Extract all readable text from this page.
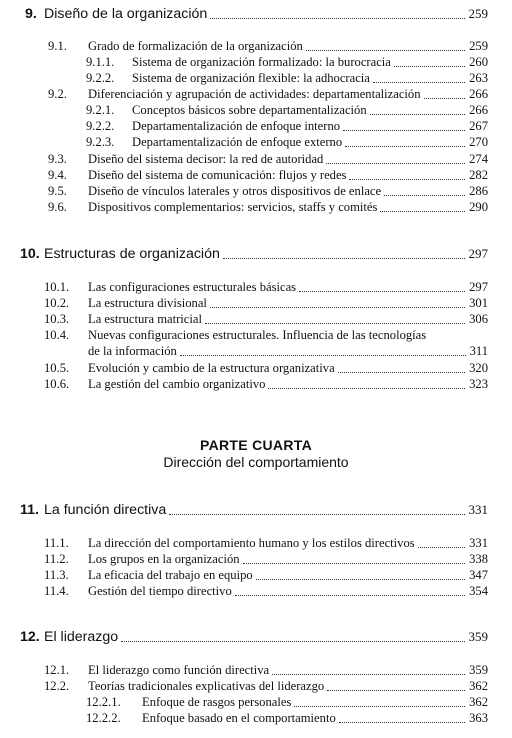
9. Diseño de la organización	259
9.1. Grado de formalización de la organización	259
9.1.1. Sistema de organización formalizado: la burocracia	260
9.2.2. Sistema de organización flexible: la adhocracia	263
9.2. Diferenciación y agrupación de actividades: departamentalización	266
9.2.1. Conceptos básicos sobre departamentalización	266
9.2.2. Departamentalización de enfoque interno	267
9.2.3. Departamentalización de enfoque externo	270
9.3. Diseño del sistema decisor: la red de autoridad	274
9.4. Diseño del sistema de comunicación: flujos y redes	282
9.5. Diseño de vínculos laterales y otros dispositivos de enlace	286
9.6. Dispositivos complementarios: servicios, staffs y comités	290
10. Estructuras de organización	297
10.1. Las configuraciones estructurales básicas	297
10.2. La estructura divisional	301
10.3. La estructura matricial	306
10.4. Nuevas configuraciones estructurales. Influencia de las tecnologías
de la información	311
10.5. Evolución y cambio de la estructura organizativa	320
10.6. La gestión del cambio organizativo	323
PARTE CUARTA
Dirección del comportamiento
11. La función directiva	331
11.1. La dirección del comportamiento humano y los estilos directivos	331
11.2. Los grupos en la organización	338
11.3. La eficacia del trabajo en equipo	347
11.4. Gestión del tiempo directivo	354
12. El liderazgo	359
12.1. El liderazgo como función directiva	359
12.2. Teorías tradicionales explicativas del liderazgo	362
12.2.1. Enfoque de rasgos personales	362
12.2.2. Enfoque basado en el comportamiento	363
